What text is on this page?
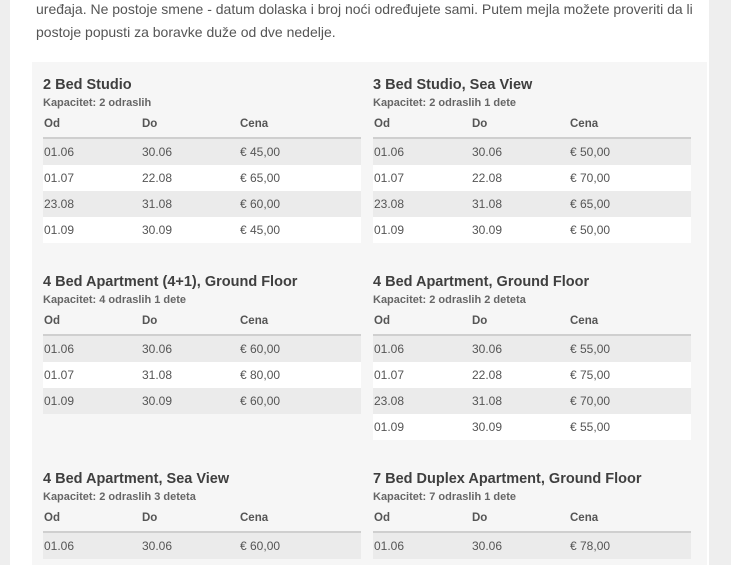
uređaja. Ne postoje smene - datum dolaska i broj noći određujete sami. Putem mejla možete proveriti da li

postoje popusti za boravke duže od dve nedelje.

2 Bed Studio
Kapacitet: 2 odraslih
Od	Do	Cena
01.06	30.06	€ 45,00
01.07	22.08	€ 65,00
23.08	31.08	€ 60,00
01.09	30.09	€ 45,00
3 Bed Studio, Sea View
Kapacitet: 2 odraslih 1 dete
Od	Do	Cena
01.06	30.06	€ 50,00
01.07	22.08	€ 70,00
23.08	31.08	€ 65,00
01.09	30.09	€ 50,00
4 Bed Apartment (4+1), Ground Floor
Kapacitet: 4 odraslih 1 dete
Od	Do	Cena
01.06	30.06	€ 60,00
01.07	31.08	€ 80,00
01.09	30.09	€ 60,00
4 Bed Apartment, Ground Floor
Kapacitet: 2 odraslih 2 deteta
Od	Do	Cena
01.06	30.06	€ 55,00
01.07	22.08	€ 75,00
23.08	31.08	€ 70,00
01.09	30.09	€ 55,00
4 Bed Apartment, Sea View
Kapacitet: 2 odraslih 3 deteta
Od	Do	Cena
01.06	30.06	€ 60,00
7 Bed Duplex Apartment, Ground Floor
Kapacitet: 7 odraslih 1 dete
Od	Do	Cena
01.06	30.06	€ 78,00
